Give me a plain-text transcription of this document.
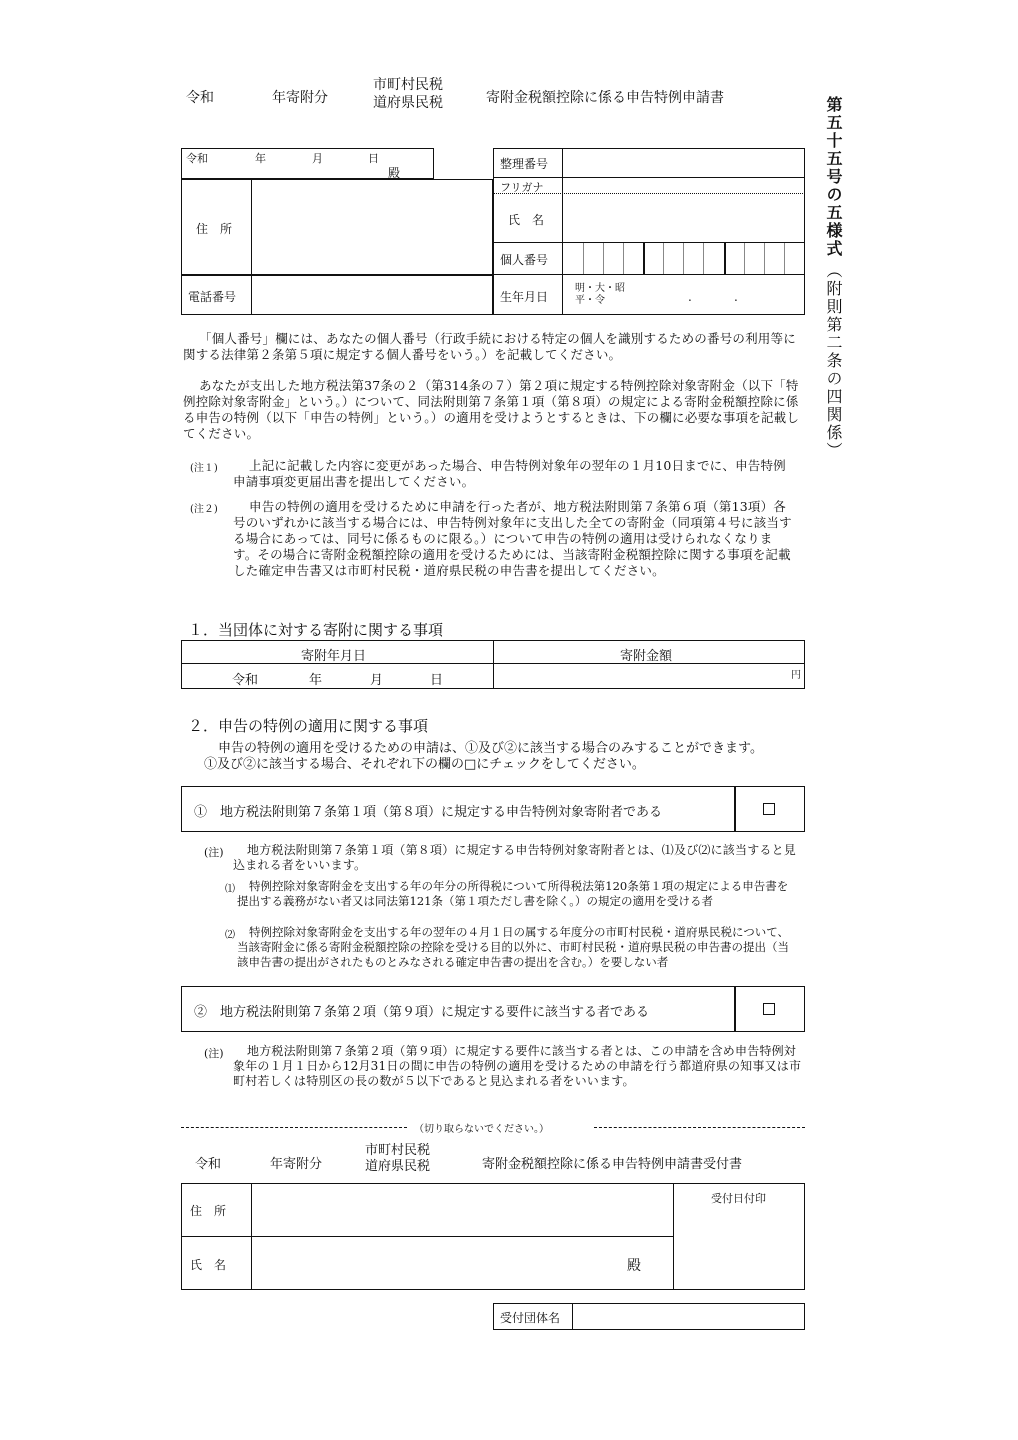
令和	年寄附分
市町村民税
道府県民税	寄附金税額控除に係る申告特例申請書	第五十五号の五様式
（附則第二条の四関係）
令和	年	月	日
殿
住　所
電話番号
整理番号
フリガナ
氏　名
個人番号
生年月日
明・大・昭
平・令	.	.
「個人番号」欄には、あなたの個人番号（行政手続における特定の個人を識別するための番号の利用等に関する法律第２条第５項に規定する個人番号をいう。）を記載してください。
あなたが支出した地方税法第37条の２（第314条の７）第２項に規定する特例控除対象寄附金（以下「特例控除対象寄附金」という。）について、同法附則第７条第１項（第８項）の規定による寄附金税額控除に係る申告の特例（以下「申告の特例」という。）の適用を受けようとするときは、下の欄に必要な事項を記載してください。
(注１)	上記に記載した内容に変更があった場合、申告特例対象年の翌年の１月10日までに、申告特例申請事項変更届出書を提出してください。
(注２)	申告の特例の適用を受けるために申請を行った者が、地方税法附則第７条第６項（第13項）各号のいずれかに該当する場合には、申告特例対象年に支出した全ての寄附金（同項第４号に該当する場合にあっては、同号に係るものに限る。）について申告の特例の適用は受けられなくなります。その場合に寄附金税額控除の適用を受けるためには、当該寄附金税額控除に関する事項を記載した確定申告書又は市町村民税・道府県民税の申告書を提出してください。
１．当団体に対する寄附に関する事項
寄附年月日	寄附金額
令和	年	月	日	円
２．申告の特例の適用に関する事項
申告の特例の適用を受けるための申請は、①及び②に該当する場合のみすることができます。
①及び②に該当する場合、それぞれ下の欄の□にチェックをしてください。
①　地方税法附則第７条第１項（第８項）に規定する申告特例対象寄附者である
(注)	地方税法附則第７条第１項（第８項）に規定する申告特例対象寄附者とは、⑴及び⑵に該当すると見込まれる者をいいます。
⑴	特例控除対象寄附金を支出する年の年分の所得税について所得税法第120条第１項の規定による申告書を提出する義務がない者又は同法第121条（第１項ただし書を除く。）の規定の適用を受ける者
⑵	特例控除対象寄附金を支出する年の翌年の４月１日の属する年度分の市町村民税・道府県民税について、当該寄附金に係る寄附金税額控除の控除を受ける目的以外に、市町村民税・道府県民税の申告書の提出（当該申告書の提出がされたものとみなされる確定申告書の提出を含む。）を要しない者
②　地方税法附則第７条第２項（第９項）に規定する要件に該当する者である
(注)	地方税法附則第７条第２項（第９項）に規定する要件に該当する者とは、この申請を含め申告特例対象年の１月１日から12月31日の間に申告の特例の適用を受けるための申請を行う都道府県の知事又は市町村若しくは特別区の長の数が５以下であると見込まれる者をいいます。
（切り取らないでください。）
令和	年寄附分
市町村民税
道府県民税	寄附金税額控除に係る申告特例申請書受付書
住　所
氏　名	殿
受付日付印
受付団体名
